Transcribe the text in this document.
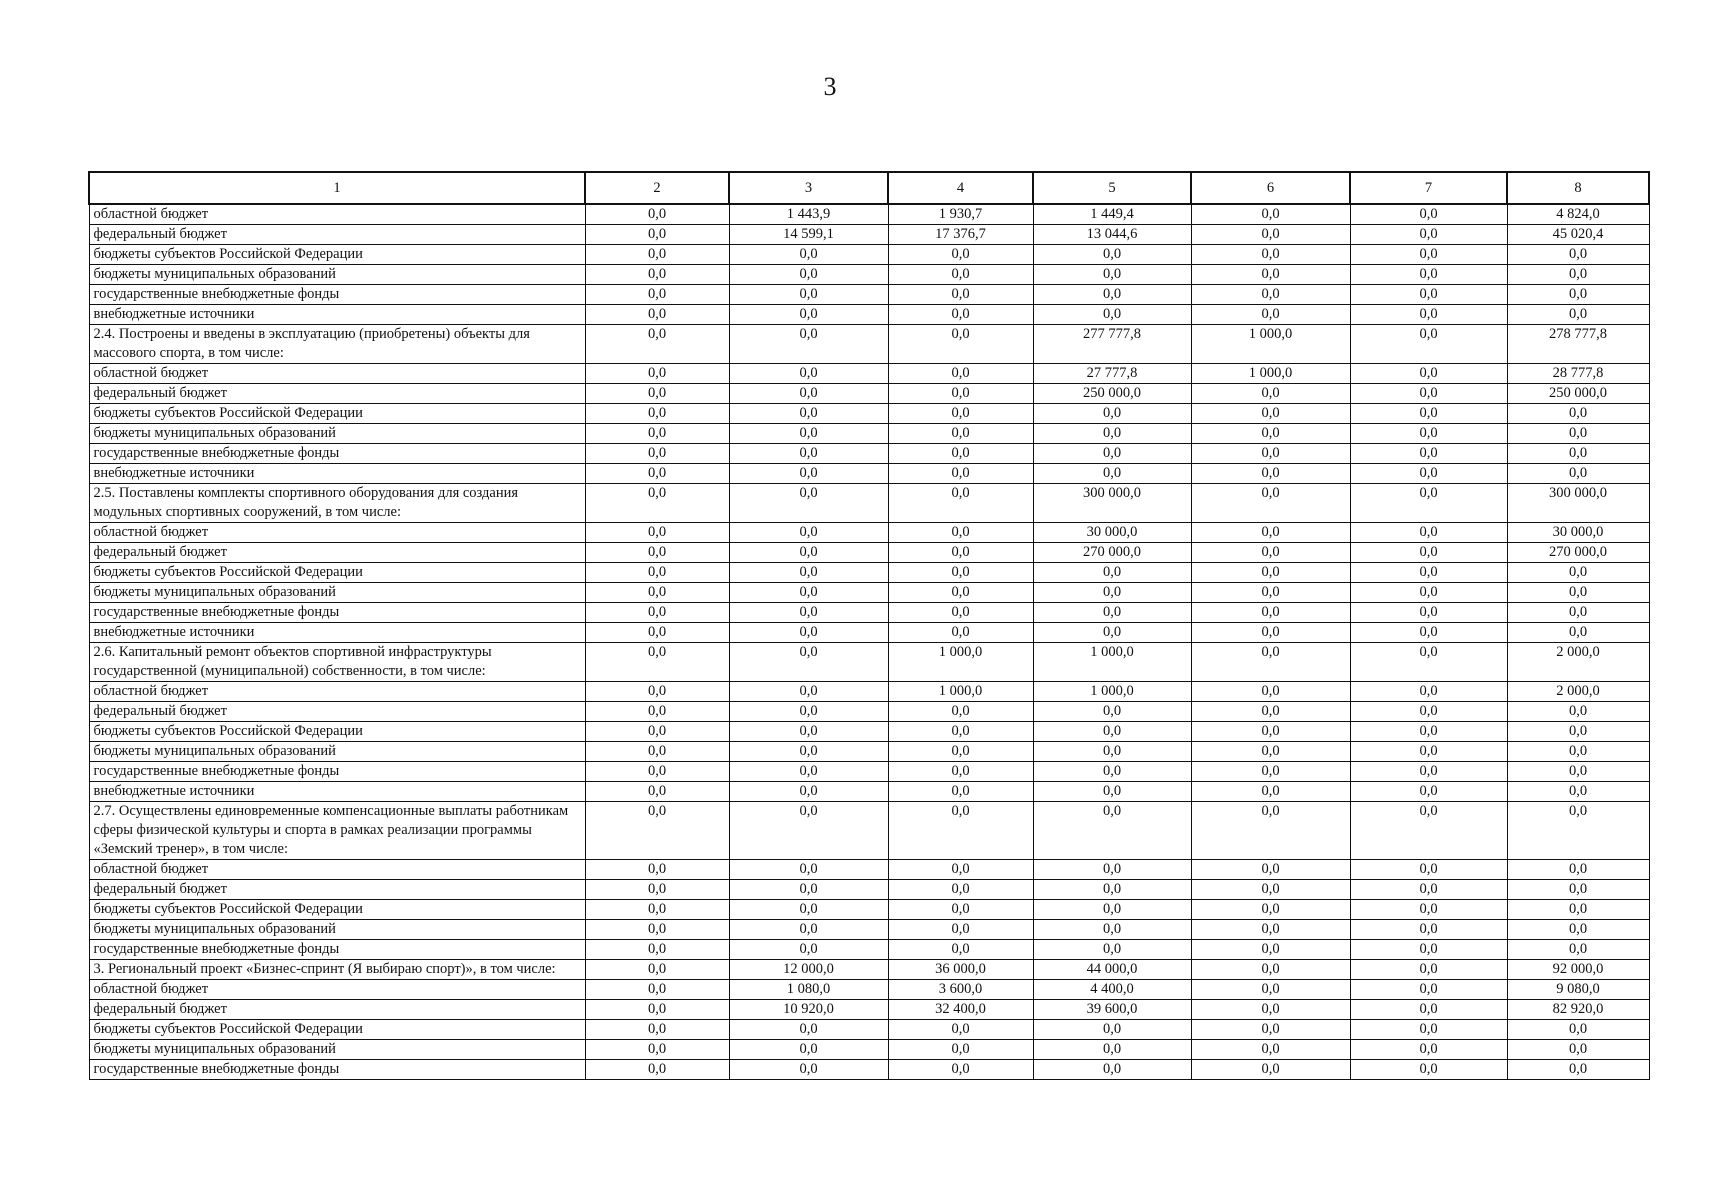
3
1	2	3	4	5	6	7	8
областной бюджет	0,0	1 443,9	1 930,7	1 449,4	0,0	0,0	4 824,0
федеральный бюджет	0,0	14 599,1	17 376,7	13 044,6	0,0	0,0	45 020,4
бюджеты субъектов Российской Федерации	0,0	0,0	0,0	0,0	0,0	0,0	0,0
бюджеты муниципальных образований	0,0	0,0	0,0	0,0	0,0	0,0	0,0
государственные внебюджетные фонды	0,0	0,0	0,0	0,0	0,0	0,0	0,0
внебюджетные источники	0,0	0,0	0,0	0,0	0,0	0,0	0,0
2.4. Построены и введены в эксплуатацию (приобретены) объекты для массового спорта, в том числе:	0,0	0,0	0,0	277 777,8	1 000,0	0,0	278 777,8
областной бюджет	0,0	0,0	0,0	27 777,8	1 000,0	0,0	28 777,8
федеральный бюджет	0,0	0,0	0,0	250 000,0	0,0	0,0	250 000,0
бюджеты субъектов Российской Федерации	0,0	0,0	0,0	0,0	0,0	0,0	0,0
бюджеты муниципальных образований	0,0	0,0	0,0	0,0	0,0	0,0	0,0
государственные внебюджетные фонды	0,0	0,0	0,0	0,0	0,0	0,0	0,0
внебюджетные источники	0,0	0,0	0,0	0,0	0,0	0,0	0,0
2.5. Поставлены комплекты спортивного оборудования для создания модульных спортивных сооружений, в том числе:	0,0	0,0	0,0	300 000,0	0,0	0,0	300 000,0
областной бюджет	0,0	0,0	0,0	30 000,0	0,0	0,0	30 000,0
федеральный бюджет	0,0	0,0	0,0	270 000,0	0,0	0,0	270 000,0
бюджеты субъектов Российской Федерации	0,0	0,0	0,0	0,0	0,0	0,0	0,0
бюджеты муниципальных образований	0,0	0,0	0,0	0,0	0,0	0,0	0,0
государственные внебюджетные фонды	0,0	0,0	0,0	0,0	0,0	0,0	0,0
внебюджетные источники	0,0	0,0	0,0	0,0	0,0	0,0	0,0
2.6. Капитальный ремонт объектов спортивной инфраструктуры государственной (муниципальной) собственности, в том числе:	0,0	0,0	1 000,0	1 000,0	0,0	0,0	2 000,0
областной бюджет	0,0	0,0	1 000,0	1 000,0	0,0	0,0	2 000,0
федеральный бюджет	0,0	0,0	0,0	0,0	0,0	0,0	0,0
бюджеты субъектов Российской Федерации	0,0	0,0	0,0	0,0	0,0	0,0	0,0
бюджеты муниципальных образований	0,0	0,0	0,0	0,0	0,0	0,0	0,0
государственные внебюджетные фонды	0,0	0,0	0,0	0,0	0,0	0,0	0,0
внебюджетные источники	0,0	0,0	0,0	0,0	0,0	0,0	0,0
2.7. Осуществлены единовременные компенсационные выплаты работникам сферы физической культуры и спорта в рамках реализации программы «Земский тренер», в том числе:	0,0	0,0	0,0	0,0	0,0	0,0	0,0
областной бюджет	0,0	0,0	0,0	0,0	0,0	0,0	0,0
федеральный бюджет	0,0	0,0	0,0	0,0	0,0	0,0	0,0
бюджеты субъектов Российской Федерации	0,0	0,0	0,0	0,0	0,0	0,0	0,0
бюджеты муниципальных образований	0,0	0,0	0,0	0,0	0,0	0,0	0,0
государственные внебюджетные фонды	0,0	0,0	0,0	0,0	0,0	0,0	0,0
3. Региональный проект «Бизнес-спринт (Я выбираю спорт)», в том числе:	0,0	12 000,0	36 000,0	44 000,0	0,0	0,0	92 000,0
областной бюджет	0,0	1 080,0	3 600,0	4 400,0	0,0	0,0	9 080,0
федеральный бюджет	0,0	10 920,0	32 400,0	39 600,0	0,0	0,0	82 920,0
бюджеты субъектов Российской Федерации	0,0	0,0	0,0	0,0	0,0	0,0	0,0
бюджеты муниципальных образований	0,0	0,0	0,0	0,0	0,0	0,0	0,0
государственные внебюджетные фонды	0,0	0,0	0,0	0,0	0,0	0,0	0,0
